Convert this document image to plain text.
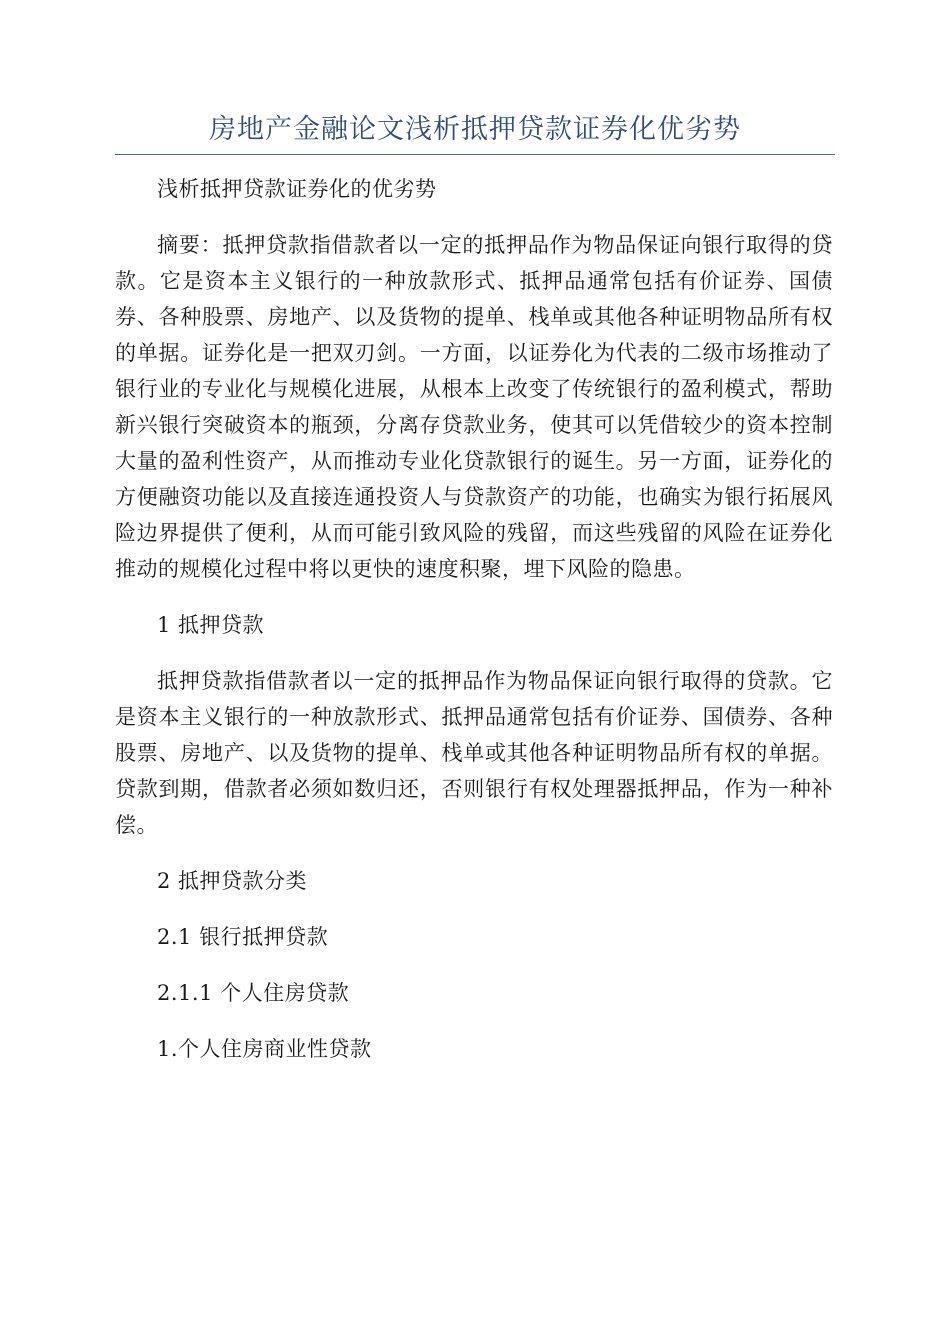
房地产金融论文浅析抵押贷款证券化优劣势

浅析抵押贷款证券化的优劣势

摘要：抵押贷款指借款者以一定的抵押品作为物品保证向银行取得的贷款。它是资本主义银行的一种放款形式、抵押品通常包括有价证券、国债券、各种股票、房地产、以及货物的提单、栈单或其他各种证明物品所有权的单据。证券化是一把双刃剑。一方面，以证券化为代表的二级市场推动了银行业的专业化与规模化进展，从根本上改变了传统银行的盈利模式，帮助新兴银行突破资本的瓶颈，分离存贷款业务，使其可以凭借较少的资本控制大量的盈利性资产，从而推动专业化贷款银行的诞生。另一方面，证券化的方便融资功能以及直接连通投资人与贷款资产的功能，也确实为银行拓展风险边界提供了便利，从而可能引致风险的残留，而这些残留的风险在证券化推动的规模化过程中将以更快的速度积聚，埋下风险的隐患。

1 抵押贷款

抵押贷款指借款者以一定的抵押品作为物品保证向银行取得的贷款。它是资本主义银行的一种放款形式、抵押品通常包括有价证券、国债券、各种股票、房地产、以及货物的提单、栈单或其他各种证明物品所有权的单据。贷款到期，借款者必须如数归还，否则银行有权处理器抵押品，作为一种补偿。

2 抵押贷款分类

2.1 银行抵押贷款

2.1.1 个人住房贷款

1.个人住房商业性贷款
